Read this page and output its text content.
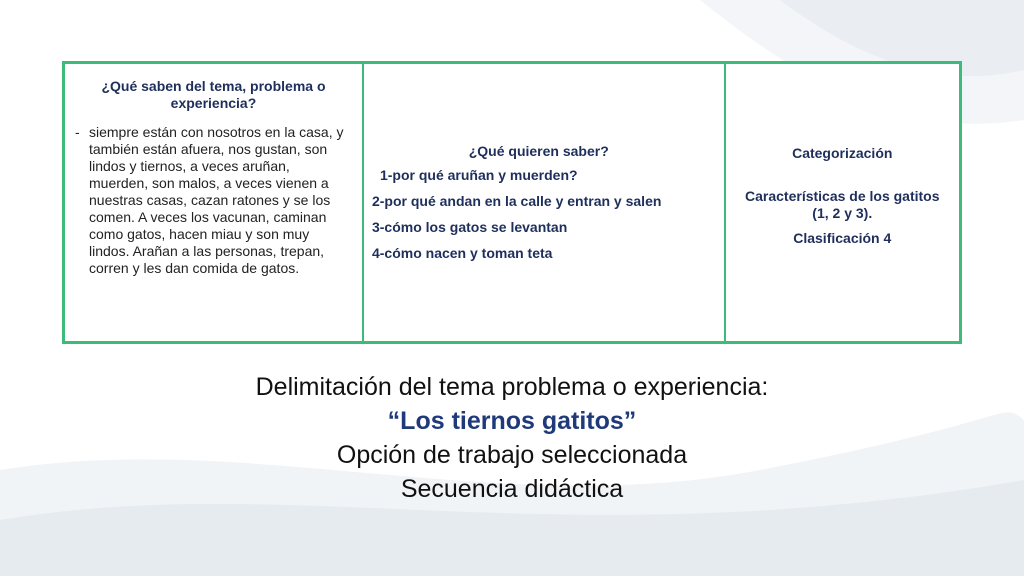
¿Qué saben del tema, problema o experiencia?
- siempre están con nosotros en la casa, y también están afuera, nos gustan, son lindos y tiernos, a veces aruñan, muerden, son malos, a veces vienen a nuestras casas, cazan ratones y se los comen. A veces los vacunan, caminan como gatos, hacen miau y son muy lindos. Arañan a las personas, trepan, corren y les dan comida de gatos.
¿Qué quieren saber?
1-por qué aruñan y muerden?
2-por qué andan en la calle y entran y salen
3-cómo los gatos se levantan
4-cómo nacen y toman teta
Categorización
Características de los gatitos (1, 2 y 3).
Clasificación 4
Delimitación del tema problema o experiencia:
“Los tiernos gatitos”
Opción de trabajo seleccionada
Secuencia didáctica
